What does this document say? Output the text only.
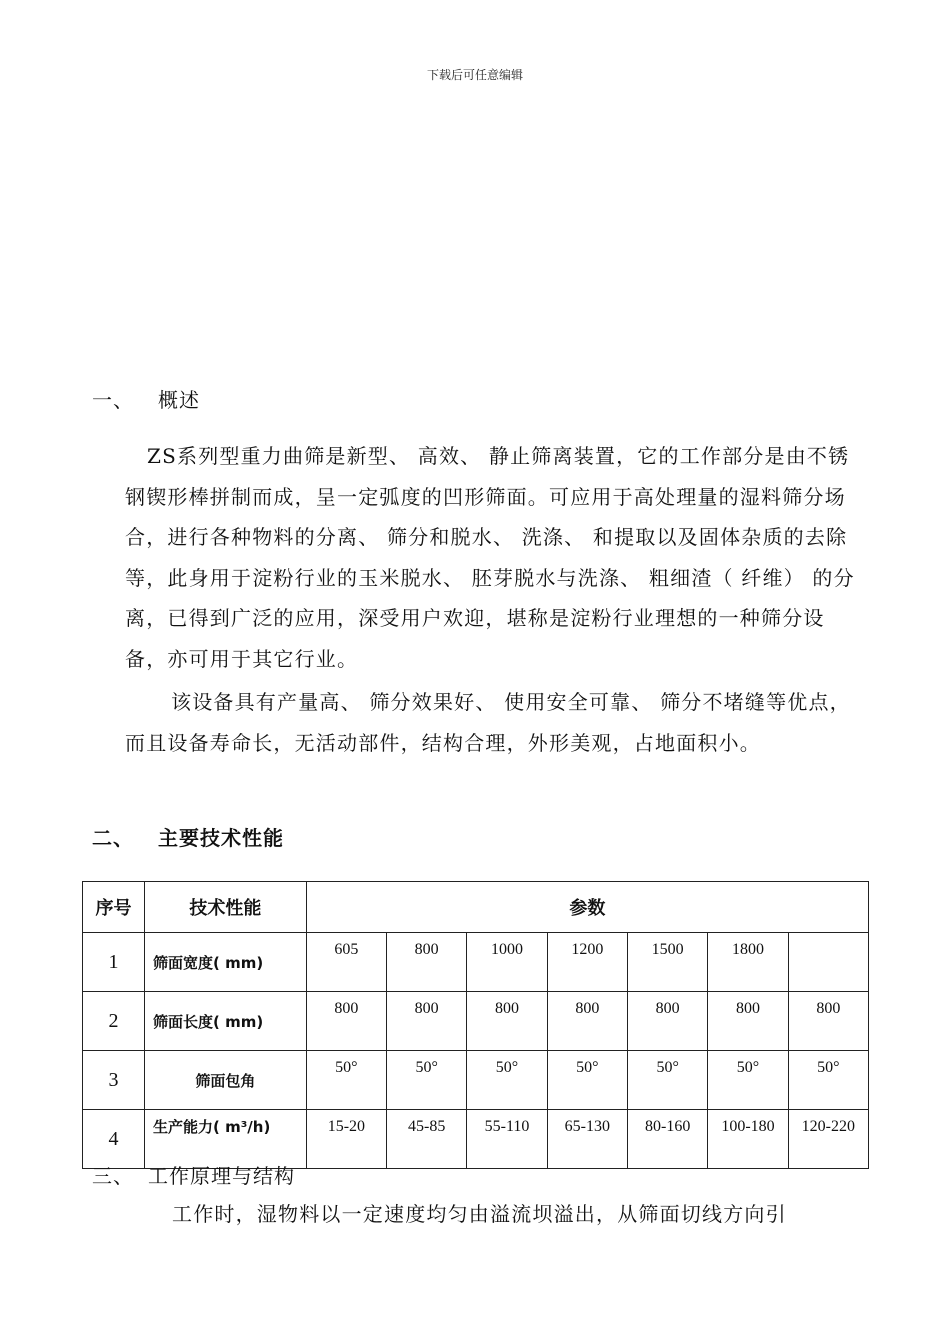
下载后可任意编辑
一、 概述

ZS系列型重力曲筛是新型、 高效、 静止筛离装置，它的工作部分是由不锈钢锲形棒拼制而成，呈一定弧度的凹形筛面。可应用于高处理量的湿料筛分场合，进行各种物料的分离、 筛分和脱水、 洗涤、 和提取以及固体杂质的去除等，此身用于淀粉行业的玉米脱水、 胚芽脱水与洗涤、 粗细渣（ 纤维） 的分离，已得到广泛的应用，深受用户欢迎，堪称是淀粉行业理想的一种筛分设备，亦可用于其它行业。

该设备具有产量高、 筛分效果好、 使用安全可靠、 筛分不堵缝等优点，而且设备寿命长，无活动部件，结构合理，外形美观，占地面积小。

二、 主要技术性能
序号	技术性能	参数						
1	筛面宽度( mm)	605	800	1000	1200	1500	1800	
2	筛面长度( mm)	800	800	800	800	800	800	800
3	筛面包角	50°	50°	50°	50°	50°	50°	50°
4	生产能力( m³/h)	15-20	45-85	55-110	65-130	80-160	100-180	120-220
三、 工作原理与结构

工作时，湿物料以一定速度均匀由溢流坝溢出，从筛面切线方向引
